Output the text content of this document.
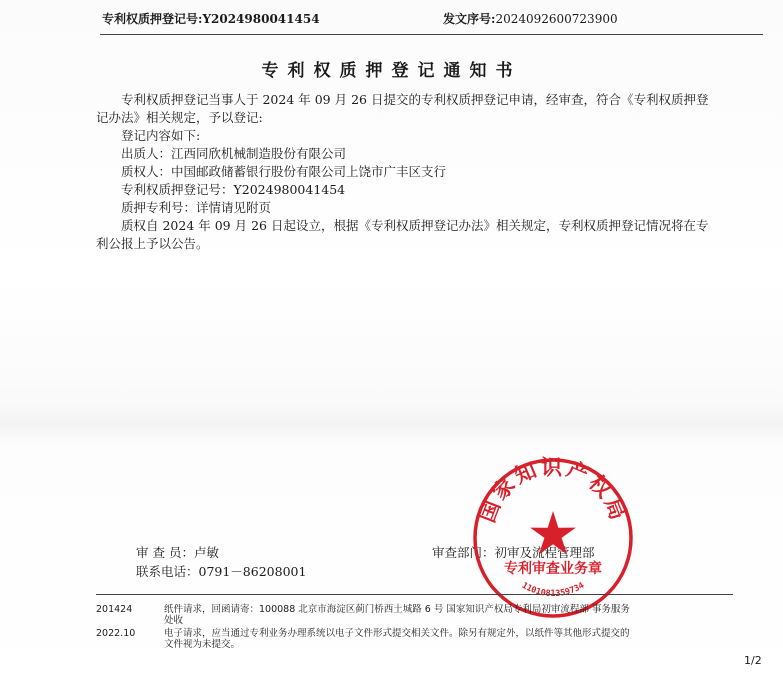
专利权质押登记号:Y2024980041454	发文序号:2024092600723900
专利权质押登记通知书
专利权质押登记当事人于 2024 年 09 月 26 日提交的专利权质押登记申请，经审查，符合《专利权质押登
记办法》相关规定，予以登记:
登记内容如下:
出质人：江西同欣机械制造股份有限公司
质权人：中国邮政储蓄银行股份有限公司上饶市广丰区支行
专利权质押登记号：Y2024980041454
质押专利号：详情请见附页
质权自 2024 年 09 月 26 日起设立，根据《专利权质押登记办法》相关规定，专利权质押登记情况将在专
利公报上予以公告。
审 查 员：卢敏
联系电话：0791－86208001
审查部门：初审及流程管理部
国家知识产权局
专利审查业务章
1101081359734
201424	纸件请求，回函请寄：100088 北京市海淀区蓟门桥西土城路 6 号 国家知识产权局专利局初审流程部 事务服务
处收
2022.10	电子请求，应当通过专利业务办理系统以电子文件形式提交相关文件。除另有规定外，以纸件等其他形式提交的
文件视为未提交。
1/2
